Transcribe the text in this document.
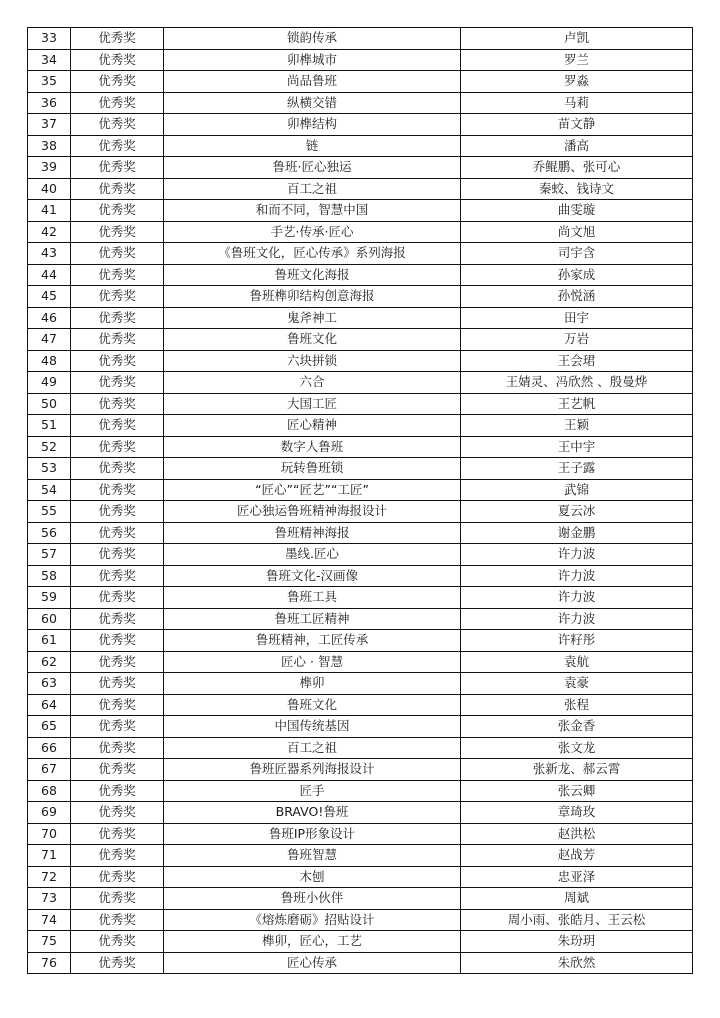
33	优秀奖	锁韵传承	卢凯
34	优秀奖	卯榫城市	罗兰
35	优秀奖	尚品鲁班	罗淼
36	优秀奖	纵横交错	马莉
37	优秀奖	卯榫结构	苗文静
38	优秀奖	链	潘高
39	优秀奖	鲁班·匠心独运	乔鲲鹏、张可心
40	优秀奖	百工之祖	秦蛟、钱诗文
41	优秀奖	和而不同，智慧中国	曲雯璇
42	优秀奖	手艺·传承·匠心	尚文旭
43	优秀奖	《鲁班文化，匠心传承》系列海报	司宇含
44	优秀奖	鲁班文化海报	孙家成
45	优秀奖	鲁班榫卯结构创意海报	孙悦涵
46	优秀奖	鬼斧神工	田宇
47	优秀奖	鲁班文化	万岩
48	优秀奖	六块拼锁	王会珺
49	优秀奖	六合	王婧灵、冯欣然 、殷曼烨
50	优秀奖	大国工匠	王艺帆
51	优秀奖	匠心精神	王颖
52	优秀奖	数字人鲁班	王中宇
53	优秀奖	玩转鲁班锁	王子露
54	优秀奖	“匠心”“匠艺”“工匠”	武锦
55	优秀奖	匠心独运鲁班精神海报设计	夏云冰
56	优秀奖	鲁班精神海报	谢金鹏
57	优秀奖	墨线.匠心	许力波
58	优秀奖	鲁班文化-汉画像	许力波
59	优秀奖	鲁班工具	许力波
60	优秀奖	鲁班工匠精神	许力波
61	优秀奖	鲁班精神，工匠传承	许籽彤
62	优秀奖	匠心 · 智慧	袁航
63	优秀奖	榫卯	袁豪
64	优秀奖	鲁班文化	张程
65	优秀奖	中国传统基因	张金香
66	优秀奖	百工之祖	张文龙
67	优秀奖	鲁班匠器系列海报设计	张新龙、郝云霄
68	优秀奖	匠手	张云卿
69	优秀奖	BRAVO!鲁班	章琦玫
70	优秀奖	鲁班IP形象设计	赵洪松
71	优秀奖	鲁班智慧	赵战芳
72	优秀奖	木刨	忠亚泽
73	优秀奖	鲁班小伙伴	周斌
74	优秀奖	《熔炼磨砺》招贴设计	周小雨、张皓月、王云松
75	优秀奖	榫卯，匠心，工艺	朱玢玥
76	优秀奖	匠心传承	朱欣然
